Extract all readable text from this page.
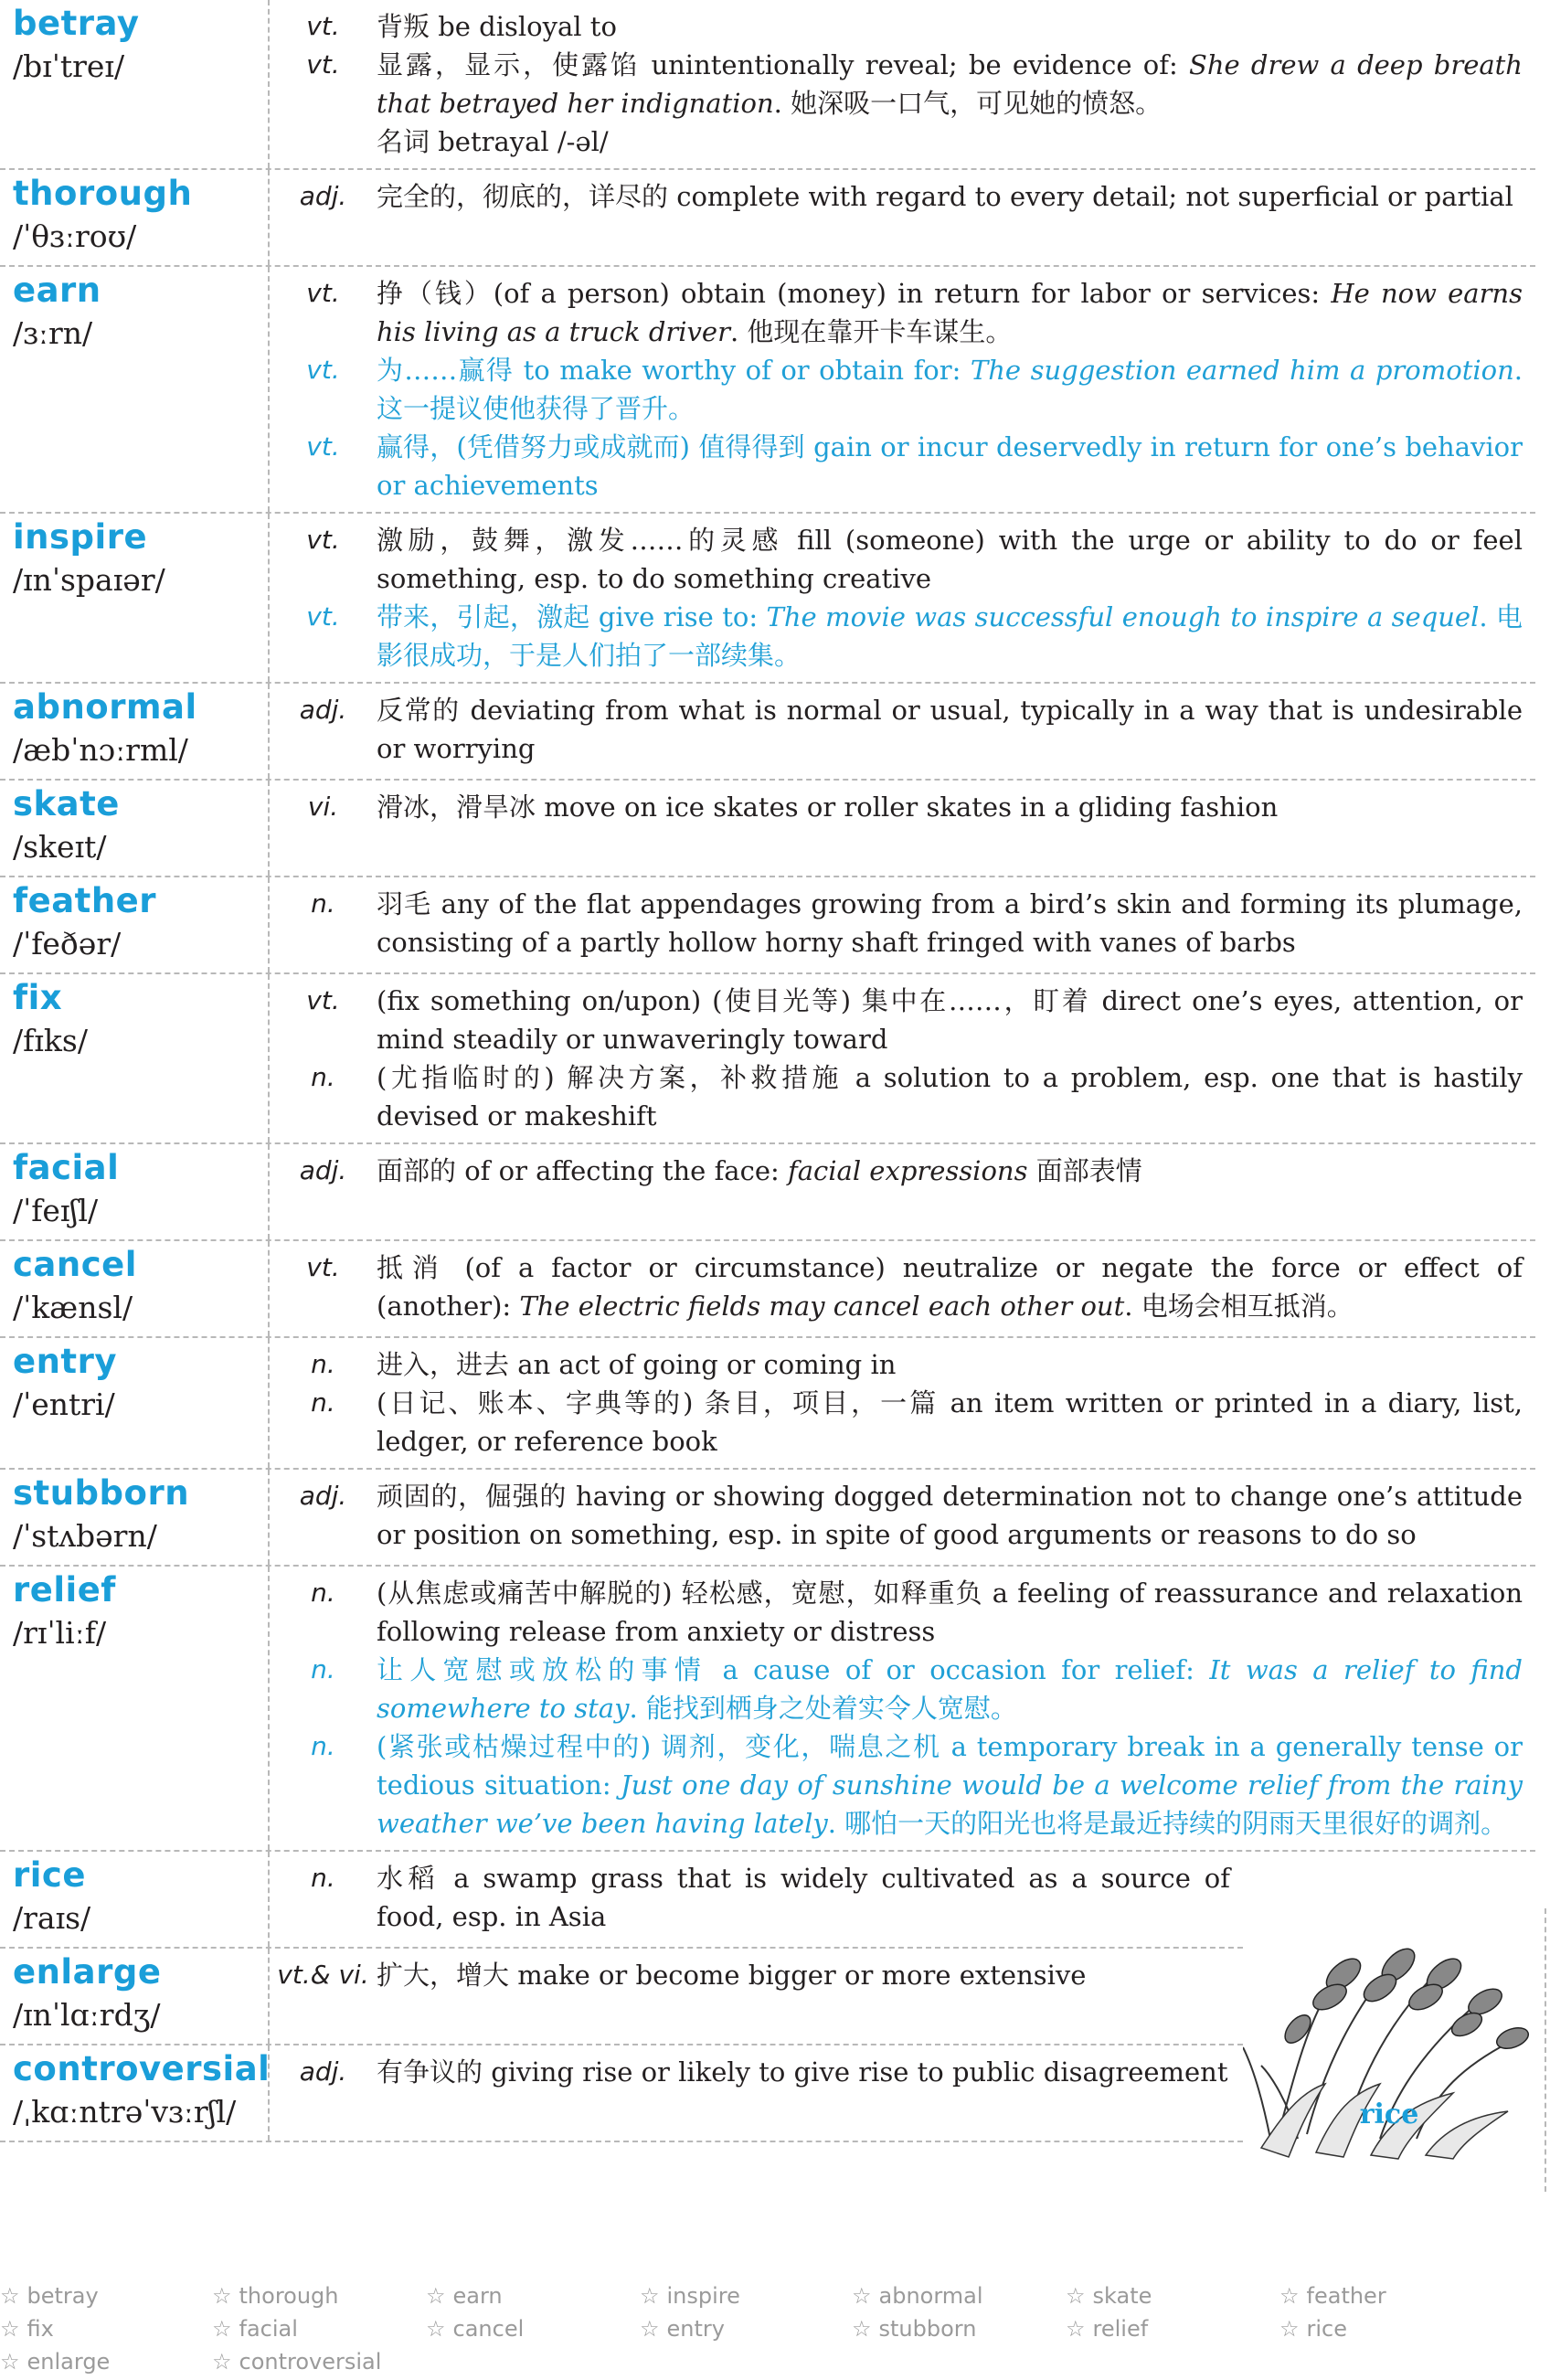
betray
/bɪˈtreɪ/
vt.	背叛 be disloyal to
vt.	显露，显示，使露馅 unintentionally reveal; be evidence of: She drew a deep breath that betrayed her indignation. 她深吸一口气，可见她的愤怒。
名词 betrayal /-əl/
thorough
/ˈθɜːroʊ/
adj.	完全的，彻底的，详尽的 complete with regard to every detail; not superficial or partial
earn
/ɜːrn/
vt.	挣（钱）(of a person) obtain (money) in return for labor or services: He now earns his living as a truck driver. 他现在靠开卡车谋生。
vt.	为……赢得 to make worthy of or obtain for: The suggestion earned him a promotion. 这一提议使他获得了晋升。
vt.	赢得，(凭借努力或成就而) 值得得到 gain or incur deservedly in return for one’s behavior or achievements
inspire
/ɪnˈspaɪər/
vt.	激励，鼓舞，激发……的灵感 fill (someone) with the urge or ability to do or feel something, esp. to do something creative
vt.	带来，引起，激起 give rise to: The movie was successful enough to inspire a sequel. 电影很成功，于是人们拍了一部续集。
abnormal
/æbˈnɔːrml/
adj.	反常的 deviating from what is normal or usual, typically in a way that is undesirable or worrying
skate
/skeɪt/
vi.	滑冰，滑旱冰 move on ice skates or roller skates in a gliding fashion
feather
/ˈfeðər/
n.	羽毛 any of the flat appendages growing from a bird’s skin and forming its plumage, consisting of a partly hollow horny shaft fringed with vanes of barbs
fix
/fɪks/
vt.	(fix something on/upon) (使目光等) 集中在……，盯着 direct one’s eyes, attention, or mind steadily or unwaveringly toward
n.	(尤指临时的) 解决方案，补救措施 a solution to a problem, esp. one that is hastily devised or makeshift
facial
/ˈfeɪʃl/
adj.	面部的 of or affecting the face: facial expressions 面部表情
cancel
/ˈkænsl/
vt.	抵消 (of a factor or circumstance) neutralize or negate the force or effect of (another): The electric fields may cancel each other out. 电场会相互抵消。
entry
/ˈentri/
n.	进入，进去 an act of going or coming in
n.	(日记、账本、字典等的) 条目，项目，一篇 an item written or printed in a diary, list, ledger, or reference book
stubborn
/ˈstʌbərn/
adj.	顽固的，倔强的 having or showing dogged determination not to change one’s attitude or position on something, esp. in spite of good arguments or reasons to do so
relief
/rɪˈliːf/
n.	(从焦虑或痛苦中解脱的) 轻松感，宽慰，如释重负 a feeling of reassurance and relaxation following release from anxiety or distress
n.	让人宽慰或放松的事情 a cause of or occasion for relief: It was a relief to find somewhere to stay. 能找到栖身之处着实令人宽慰。
n.	(紧张或枯燥过程中的) 调剂，变化，喘息之机 a temporary break in a generally tense or tedious situation: Just one day of sunshine would be a welcome relief from the rainy weather we’ve been having lately. 哪怕一天的阳光也将是最近持续的阴雨天里很好的调剂。
rice
/raɪs/
n.	水稻 a swamp grass that is widely cultivated as a source of food, esp. in Asia
enlarge
/ɪnˈlɑːrdʒ/
vt.& vi. 扩大，增大 make or become bigger or more extensive
controversial
/ˌkɑːntrəˈvɜːrʃl/
adj.	有争议的 giving rise or likely to give rise to public disagreement
rice
☆ betray	☆ thorough	☆ earn	☆ inspire	☆ abnormal	☆ skate	☆ feather
☆ fix	☆ facial	☆ cancel	☆ entry	☆ stubborn	☆ relief	☆ rice
☆ enlarge	☆ controversial
